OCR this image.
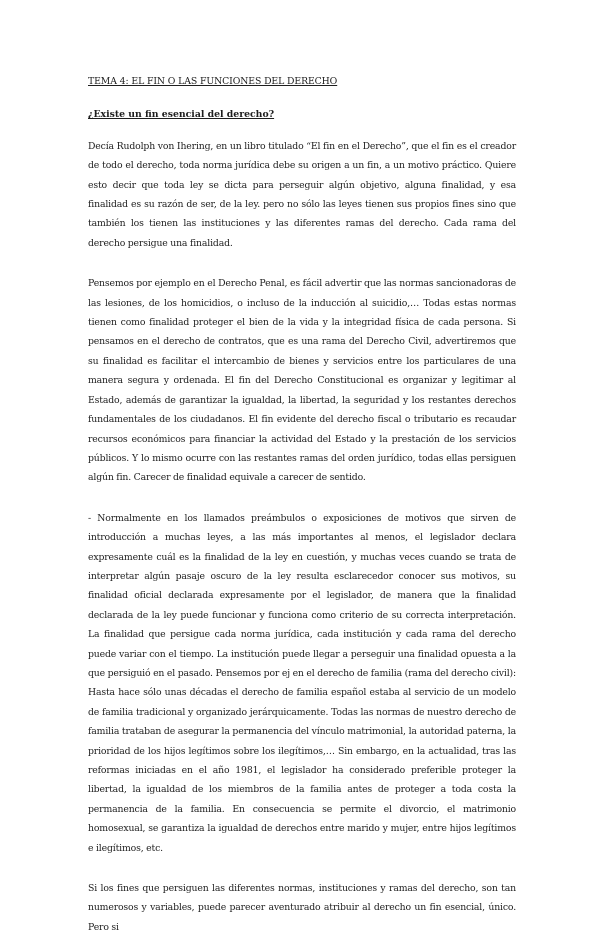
TEMA 4: EL FIN O LAS FUNCIONES DEL DERECHO
¿Existe un fin esencial del derecho?

Decía Rudolph von Ihering, en un libro titulado “El fin en el Derecho”, que el fin es el creador de todo el derecho, toda norma jurídica debe su origen a un fin, a un motivo práctico. Quiere esto decir que toda ley se dicta para perseguir algún objetivo, alguna finalidad, y esa finalidad es su razón de ser, de la ley. pero no sólo las leyes tienen sus propios fines sino que también los tienen las instituciones y las diferentes ramas del derecho. Cada rama del derecho persigue una finalidad.

Pensemos por ejemplo en el Derecho Penal, es fácil advertir que las normas sancionadoras de las lesiones, de los homicidios, o incluso de la inducción al suicidio,… Todas estas normas tienen como finalidad proteger el bien de la vida y la integridad física de cada persona. Si pensamos en el derecho de contratos, que es una rama del Derecho Civil, advertiremos que su finalidad es facilitar el intercambio de bienes y servicios entre los particulares de una manera segura y ordenada. El fin del Derecho Constitucional es organizar y legitimar al Estado, además de garantizar la igualdad, la libertad, la seguridad y los restantes derechos fundamentales de los ciudadanos. El fin evidente del derecho fiscal o tributario es recaudar recursos económicos para financiar la actividad del Estado y la prestación de los servicios públicos. Y lo mismo ocurre con las restantes ramas del orden jurídico, todas ellas persiguen algún fin. Carecer de finalidad equivale a carecer de sentido.

- Normalmente en los llamados preámbulos o exposiciones de motivos que sirven de introducción a muchas leyes, a las más importantes al menos, el legislador declara expresamente cuál es la finalidad de la ley en cuestión, y muchas veces cuando se trata de interpretar algún pasaje oscuro de la ley resulta esclarecedor conocer sus motivos, su finalidad oficial declarada expresamente por el legislador, de manera que la finalidad declarada de la ley puede funcionar y funciona como criterio de su correcta interpretación. La finalidad que persigue cada norma jurídica, cada institución y cada rama del derecho puede variar con el tiempo. La institución puede llegar a perseguir una finalidad opuesta a la que persiguió en el pasado. Pensemos por ej en el derecho de familia (rama del derecho civil): Hasta hace sólo unas décadas el derecho de familia español estaba al servicio de un modelo de familia tradicional y organizado jerárquicamente. Todas las normas de nuestro derecho de familia trataban de asegurar la permanencia del vínculo matrimonial, la autoridad paterna, la prioridad de los hijos legítimos sobre los ilegítimos,… Sin embargo, en la actualidad, tras las reformas iniciadas en el año 1981, el legislador ha considerado preferible proteger la libertad, la igualdad de los miembros de la familia antes de proteger a toda costa la permanencia de la familia. En consecuencia se permite el divorcio, el matrimonio homosexual, se garantiza la igualdad de derechos entre marido y mujer, entre hijos legítimos e ilegítimos, etc.

Si los fines que persiguen las diferentes normas, instituciones y ramas del derecho, son tan numerosos y variables, puede parecer aventurado atribuir al derecho un fin esencial, único. Pero si
